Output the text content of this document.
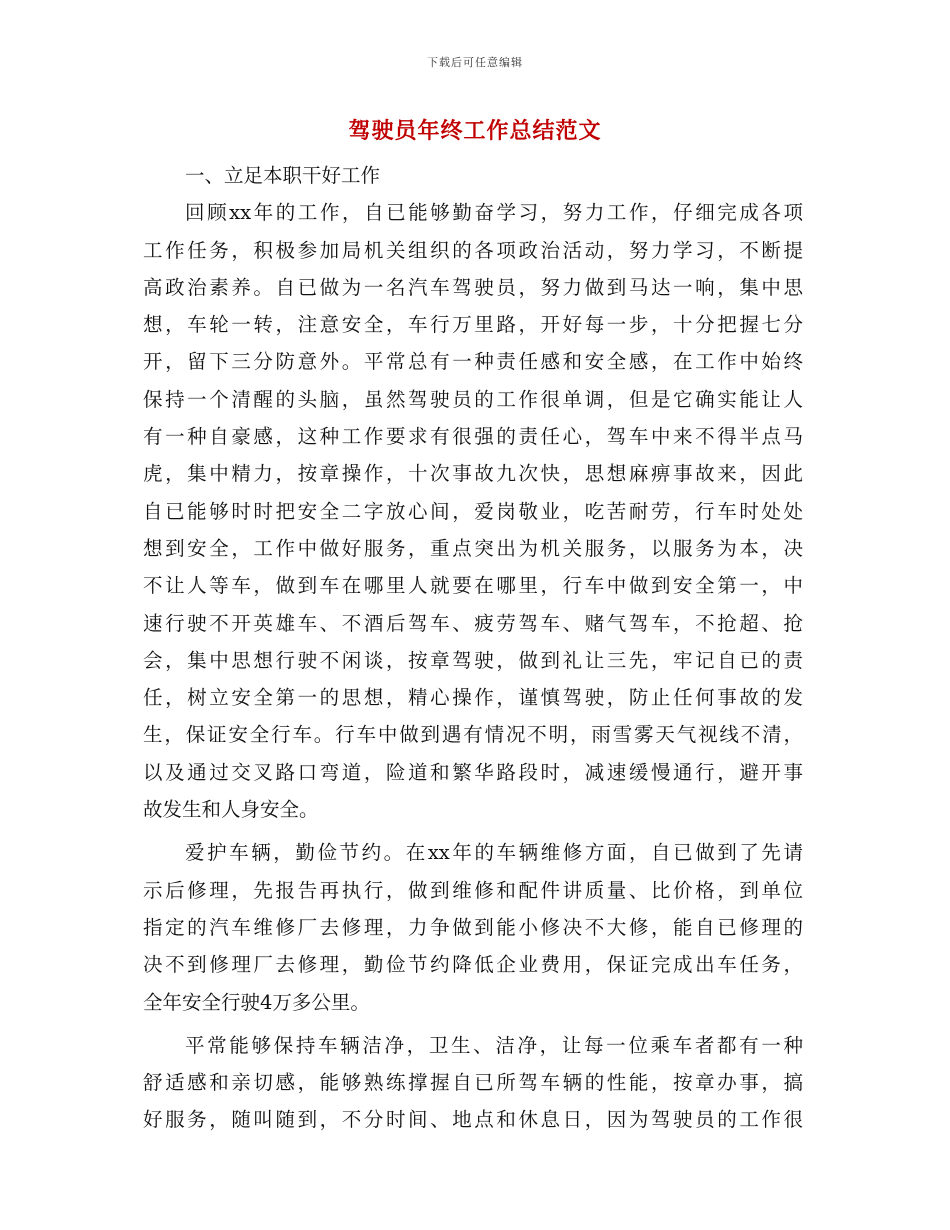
下载后可任意编辑
驾驶员年终工作总结范文
一、立足本职干好工作
回顾xx年的工作，自已能够勤奋学习，努力工作，仔细完成各项
工作任务，积极参加局机关组织的各项政治活动，努力学习，不断提
高政治素养。自已做为一名汽车驾驶员，努力做到马达一响，集中思
想，车轮一转，注意安全，车行万里路，开好每一步，十分把握七分
开，留下三分防意外。平常总有一种责任感和安全感，在工作中始终
保持一个清醒的头脑，虽然驾驶员的工作很单调，但是它确实能让人
有一种自豪感，这种工作要求有很强的责任心，驾车中来不得半点马
虎，集中精力，按章操作，十次事故九次快，思想麻痹事故来，因此
自已能够时时把安全二字放心间，爱岗敬业，吃苦耐劳，行车时处处
想到安全，工作中做好服务，重点突出为机关服务，以服务为本，决
不让人等车，做到车在哪里人就要在哪里，行车中做到安全第一，中
速行驶不开英雄车、不酒后驾车、疲劳驾车、赌气驾车，不抢超、抢
会，集中思想行驶不闲谈，按章驾驶，做到礼让三先，牢记自已的责
任，树立安全第一的思想，精心操作，谨慎驾驶，防止任何事故的发
生，保证安全行车。行车中做到遇有情况不明，雨雪雾天气视线不清，
以及通过交叉路口弯道，险道和繁华路段时，减速缓慢通行，避开事
故发生和人身安全。
爱护车辆，勤俭节约。在xx年的车辆维修方面，自已做到了先请
示后修理，先报告再执行，做到维修和配件讲质量、比价格，到单位
指定的汽车维修厂去修理，力争做到能小修决不大修，能自已修理的
决不到修理厂去修理，勤俭节约降低企业费用，保证完成出车任务，
全年安全行驶4万多公里。
平常能够保持车辆洁净，卫生、洁净，让每一位乘车者都有一种
舒适感和亲切感，能够熟练撑握自已所驾车辆的性能，按章办事，搞
好服务，随叫随到，不分时间、地点和休息日，因为驾驶员的工作很
